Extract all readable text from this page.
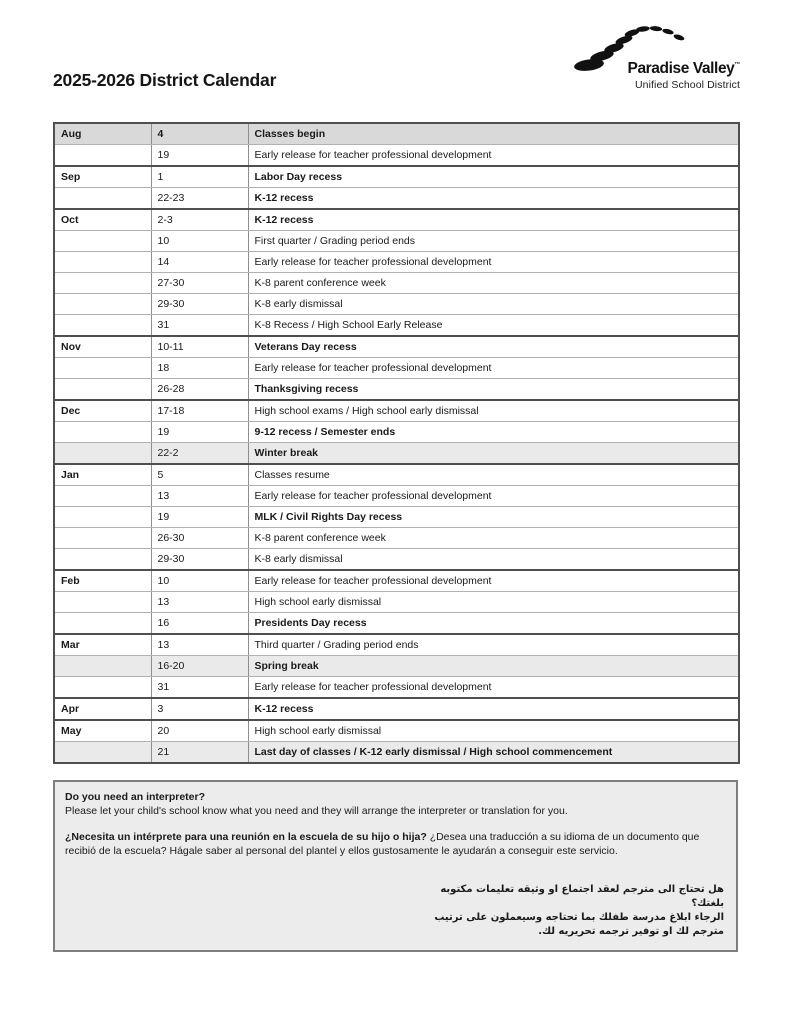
2025-2026 District Calendar
Paradise Valley™
Unified School District
Aug	4	Classes begin
	19	Early release for teacher professional development
Sep	1	Labor Day recess
	22-23	K-12 recess
Oct	2-3	K-12 recess
	10	First quarter / Grading period ends
	14	Early release for teacher professional development
	27-30	K-8 parent conference week
	29-30	K-8 early dismissal
	31	K-8 Recess / High School Early Release
Nov	10-11	Veterans Day recess
	18	Early release for teacher professional development
	26-28	Thanksgiving recess
Dec	17-18	High school exams / High school early dismissal
	19	9-12 recess / Semester ends
	22-2	Winter break
Jan	5	Classes resume
	13	Early release for teacher professional development
	19	MLK / Civil Rights Day recess
	26-30	K-8 parent conference week
	29-30	K-8 early dismissal
Feb	10	Early release for teacher professional development
	13	High school early dismissal
	16	Presidents Day recess
Mar	13	Third quarter / Grading period ends
	16-20	Spring break
	31	Early release for teacher professional development
Apr	3	K-12 recess
May	20	High school early dismissal
	21	Last day of classes / K-12 early dismissal / High school commencement
Do you need an interpreter?
Please let your child's school know what you need and they will arrange the interpreter or translation for you.
¿Necesita un intérprete para una reunión en la escuela de su hijo o hija? ¿Desea una traducción a su idioma de un documento que recibió de la escuela? Hágale saber al personal del plantel y ellos gustosamente le ayudarán a conseguir este servicio.
هل تحتاج الى مترجم لعقد اجتماع او وثيقه تعليمات مكتوبه
بلغتك؟
الرجاء ابلاغ مدرسة طفلك بما تحتاجه وسيعملون على ترتيب
مترجم لك او توفير ترجمه تحريريه لك.
